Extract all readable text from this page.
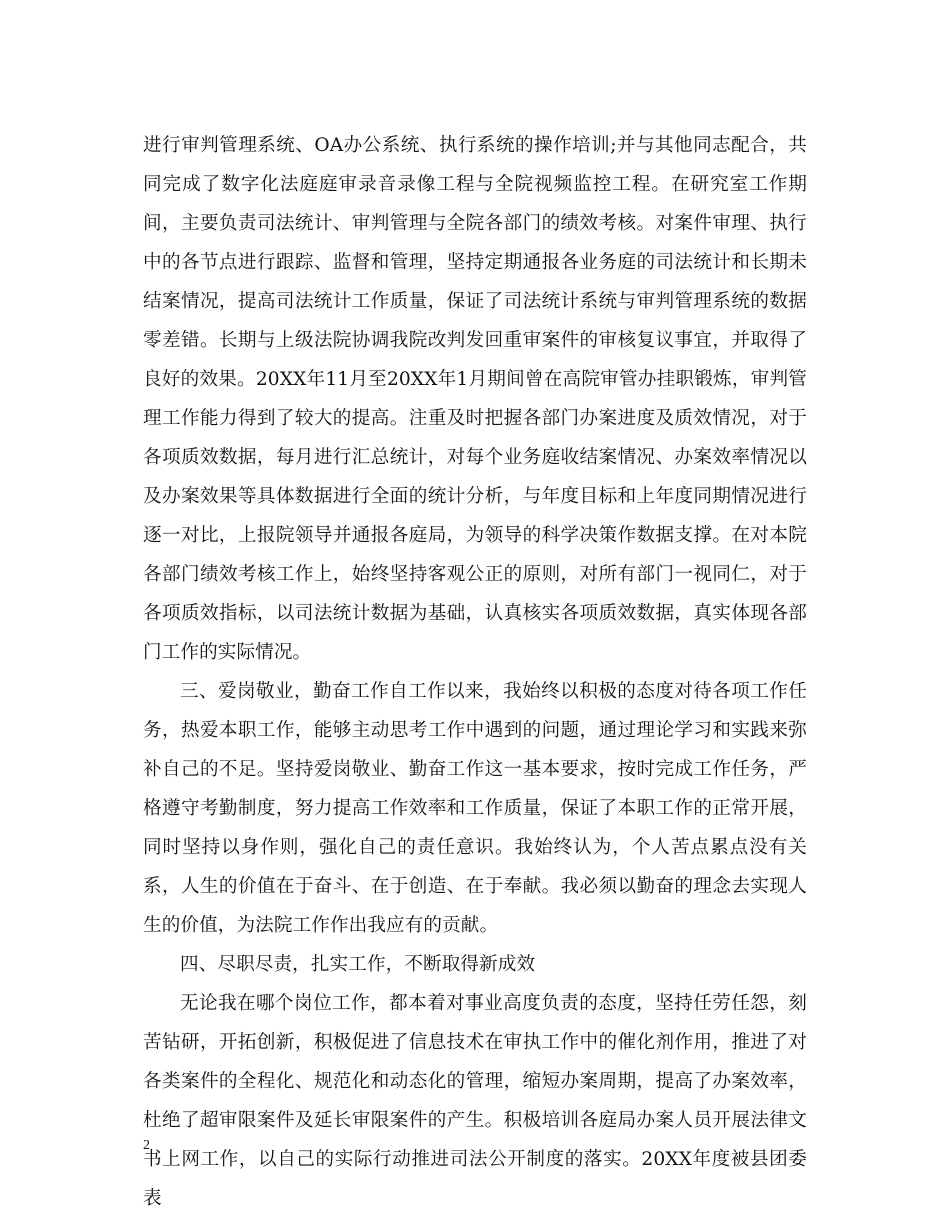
进行审判管理系统、OA办公系统、执行系统的操作培训;并与其他同志配合，共同完成了数字化法庭庭审录音录像工程与全院视频监控工程。在研究室工作期间，主要负责司法统计、审判管理与全院各部门的绩效考核。对案件审理、执行中的各节点进行跟踪、监督和管理，坚持定期通报各业务庭的司法统计和长期未结案情况，提高司法统计工作质量，保证了司法统计系统与审判管理系统的数据零差错。长期与上级法院协调我院改判发回重审案件的审核复议事宜，并取得了良好的效果。20XX年11月至20XX年1月期间曾在高院审管办挂职锻炼，审判管理工作能力得到了较大的提高。注重及时把握各部门办案进度及质效情况，对于各项质效数据，每月进行汇总统计，对每个业务庭收结案情况、办案效率情况以及办案效果等具体数据进行全面的统计分析，与年度目标和上年度同期情况进行逐一对比，上报院领导并通报各庭局，为领导的科学决策作数据支撑。在对本院各部门绩效考核工作上，始终坚持客观公正的原则，对所有部门一视同仁，对于各项质效指标，以司法统计数据为基础，认真核实各项质效数据，真实体现各部门工作的实际情况。

三、爱岗敬业，勤奋工作自工作以来，我始终以积极的态度对待各项工作任务，热爱本职工作，能够主动思考工作中遇到的问题，通过理论学习和实践来弥补自己的不足。坚持爱岗敬业、勤奋工作这一基本要求，按时完成工作任务，严格遵守考勤制度，努力提高工作效率和工作质量，保证了本职工作的正常开展，同时坚持以身作则，强化自己的责任意识。我始终认为，个人苦点累点没有关系，人生的价值在于奋斗、在于创造、在于奉献。我必须以勤奋的理念去实现人生的价值，为法院工作作出我应有的贡献。

四、尽职尽责，扎实工作，不断取得新成效

无论我在哪个岗位工作，都本着对事业高度负责的态度，坚持任劳任怨，刻苦钻研，开拓创新，积极促进了信息技术在审执工作中的催化剂作用，推进了对各类案件的全程化、规范化和动态化的管理，缩短办案周期，提高了办案效率，杜绝了超审限案件及延长审限案件的产生。积极培训各庭局办案人员开展法律文书上网工作，以自己的实际行动推进司法公开制度的落实。20XX年度被县团委表

2
